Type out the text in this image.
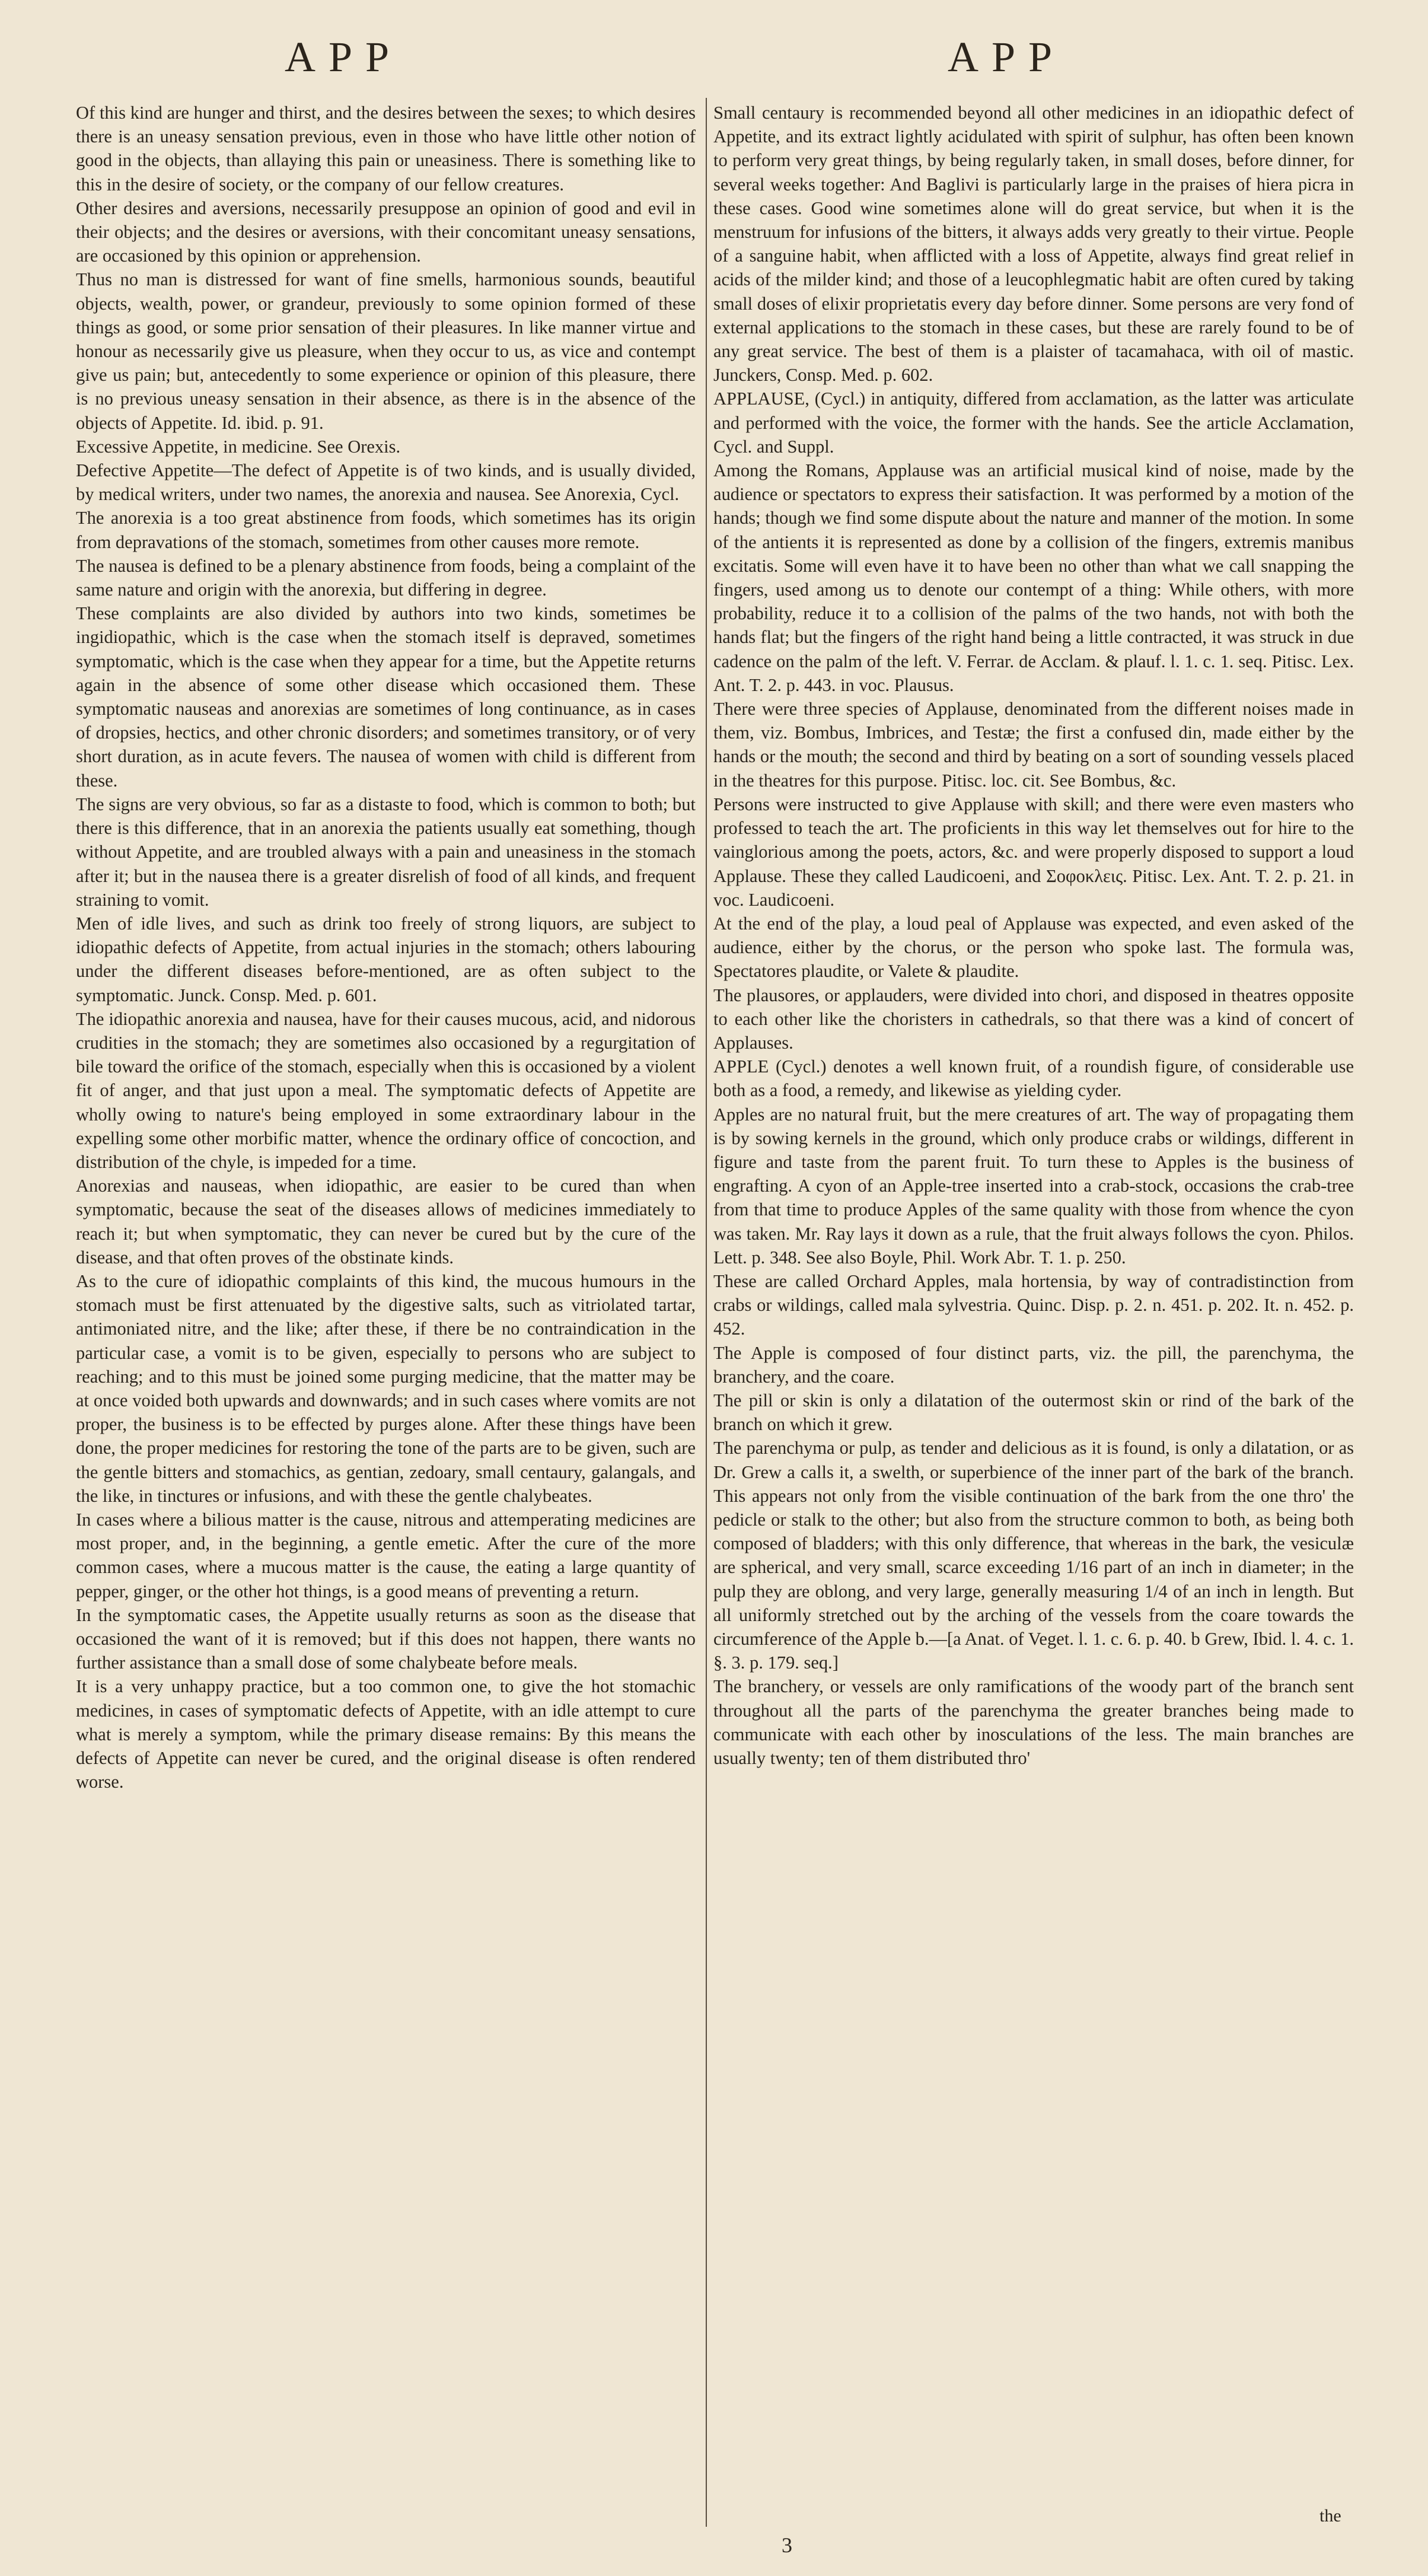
APP	APP

Of this kind are hunger and thirst, and the desires between the sexes; to which desires there is an uneasy sensation previous, even in those who have little other notion of good in the objects, than allaying this pain or uneasiness. There is something like to this in the desire of society, or the company of our fellow creatures.

Other desires and aversions, necessarily presuppose an opinion of good and evil in their objects; and the desires or aversions, with their concomitant uneasy sensations, are occasioned by this opinion or apprehension.

Thus no man is distressed for want of fine smells, harmonious sounds, beautiful objects, wealth, power, or grandeur, previously to some opinion formed of these things as good, or some prior sensation of their pleasures. In like manner virtue and honour as necessarily give us pleasure, when they occur to us, as vice and contempt give us pain; but, antecedently to some experience or opinion of this pleasure, there is no previous uneasy sensation in their absence, as there is in the absence of the objects of Appetite. Id. ibid. p. 91.

Excessive Appetite, in medicine. See Orexis.

Defective Appetite—The defect of Appetite is of two kinds, and is usually divided, by medical writers, under two names, the anorexia and nausea. See Anorexia, Cycl.

The anorexia is a too great abstinence from foods, which sometimes has its origin from depravations of the stomach, sometimes from other causes more remote.

The nausea is defined to be a plenary abstinence from foods, being a complaint of the same nature and origin with the anorexia, but differing in degree.

These complaints are also divided by authors into two kinds, sometimes be ingidiopathic, which is the case when the stomach itself is depraved, sometimes symptomatic, which is the case when they appear for a time, but the Appetite returns again in the absence of some other disease which occasioned them. These symptomatic nauseas and anorexias are sometimes of long continuance, as in cases of dropsies, hectics, and other chronic disorders; and sometimes transitory, or of very short duration, as in acute fevers. The nausea of women with child is different from these.

The signs are very obvious, so far as a distaste to food, which is common to both; but there is this difference, that in an anorexia the patients usually eat something, though without Appetite, and are troubled always with a pain and uneasiness in the stomach after it; but in the nausea there is a greater disrelish of food of all kinds, and frequent straining to vomit.

Men of idle lives, and such as drink too freely of strong liquors, are subject to idiopathic defects of Appetite, from actual injuries in the stomach; others labouring under the different diseases before-mentioned, are as often subject to the symptomatic. Junck. Consp. Med. p. 601.

The idiopathic anorexia and nausea, have for their causes mucous, acid, and nidorous crudities in the stomach; they are sometimes also occasioned by a regurgitation of bile toward the orifice of the stomach, especially when this is occasioned by a violent fit of anger, and that just upon a meal. The symptomatic defects of Appetite are wholly owing to nature's being employed in some extraordinary labour in the expelling some other morbific matter, whence the ordinary office of concoction, and distribution of the chyle, is impeded for a time.

Anorexias and nauseas, when idiopathic, are easier to be cured than when symptomatic, because the seat of the diseases allows of medicines immediately to reach it; but when symptomatic, they can never be cured but by the cure of the disease, and that often proves of the obstinate kinds.

As to the cure of idiopathic complaints of this kind, the mucous humours in the stomach must be first attenuated by the digestive salts, such as vitriolated tartar, antimoniated nitre, and the like; after these, if there be no contraindication in the particular case, a vomit is to be given, especially to persons who are subject to reaching; and to this must be joined some purging medicine, that the matter may be at once voided both upwards and downwards; and in such cases where vomits are not proper, the business is to be effected by purges alone. After these things have been done, the proper medicines for restoring the tone of the parts are to be given, such are the gentle bitters and stomachics, as gentian, zedoary, small centaury, galangals, and the like, in tinctures or infusions, and with these the gentle chalybeates.

In cases where a bilious matter is the cause, nitrous and attemperating medicines are most proper, and, in the beginning, a gentle emetic. After the cure of the more common cases, where a mucous matter is the cause, the eating a large quantity of pepper, ginger, or the other hot things, is a good means of preventing a return.

In the symptomatic cases, the Appetite usually returns as soon as the disease that occasioned the want of it is removed; but if this does not happen, there wants no further assistance than a small dose of some chalybeate before meals.

It is a very unhappy practice, but a too common one, to give the hot stomachic medicines, in cases of symptomatic defects of Appetite, with an idle attempt to cure what is merely a symptom, while the primary disease remains: By this means the defects of Appetite can never be cured, and the original disease is often rendered worse.

Small centaury is recommended beyond all other medicines in an idiopathic defect of Appetite, and its extract lightly acidulated with spirit of sulphur, has often been known to perform very great things, by being regularly taken, in small doses, before dinner, for several weeks together: And Baglivi is particularly large in the praises of hiera picra in these cases. Good wine sometimes alone will do great service, but when it is the menstruum for infusions of the bitters, it always adds very greatly to their virtue. People of a sanguine habit, when afflicted with a loss of Appetite, always find great relief in acids of the milder kind; and those of a leucophlegmatic habit are often cured by taking small doses of elixir proprietatis every day before dinner. Some persons are very fond of external applications to the stomach in these cases, but these are rarely found to be of any great service. The best of them is a plaister of tacamahaca, with oil of mastic. Junckers, Consp. Med. p. 602.

APPLAUSE, (Cycl.) in antiquity, differed from acclamation, as the latter was articulate and performed with the voice, the former with the hands. See the article Acclamation, Cycl. and Suppl.

Among the Romans, Applause was an artificial musical kind of noise, made by the audience or spectators to express their satisfaction. It was performed by a motion of the hands; though we find some dispute about the nature and manner of the motion. In some of the antients it is represented as done by a collision of the fingers, extremis manibus excitatis. Some will even have it to have been no other than what we call snapping the fingers, used among us to denote our contempt of a thing: While others, with more probability, reduce it to a collision of the palms of the two hands, not with both the hands flat; but the fingers of the right hand being a little contracted, it was struck in due cadence on the palm of the left. V. Ferrar. de Acclam. & plauf. l. 1. c. 1. seq. Pitisc. Lex. Ant. T. 2. p. 443. in voc. Plausus.

There were three species of Applause, denominated from the different noises made in them, viz. Bombus, Imbrices, and Testæ; the first a confused din, made either by the hands or the mouth; the second and third by beating on a sort of sounding vessels placed in the theatres for this purpose. Pitisc. loc. cit. See Bombus, &c.

Persons were instructed to give Applause with skill; and there were even masters who professed to teach the art. The proficients in this way let themselves out for hire to the vainglorious among the poets, actors, &c. and were properly disposed to support a loud Applause. These they called Laudicoeni, and Σοφοκλεις. Pitisc. Lex. Ant. T. 2. p. 21. in voc. Laudicoeni.

At the end of the play, a loud peal of Applause was expected, and even asked of the audience, either by the chorus, or the person who spoke last. The formula was, Spectatores plaudite, or Valete & plaudite.

The plausores, or applauders, were divided into chori, and disposed in theatres opposite to each other like the choristers in cathedrals, so that there was a kind of concert of Applauses.

APPLE (Cycl.) denotes a well known fruit, of a roundish figure, of considerable use both as a food, a remedy, and likewise as yielding cyder.

Apples are no natural fruit, but the mere creatures of art. The way of propagating them is by sowing kernels in the ground, which only produce crabs or wildings, different in figure and taste from the parent fruit. To turn these to Apples is the business of engrafting. A cyon of an Apple-tree inserted into a crab-stock, occasions the crab-tree from that time to produce Apples of the same quality with those from whence the cyon was taken. Mr. Ray lays it down as a rule, that the fruit always follows the cyon. Philos. Lett. p. 348. See also Boyle, Phil. Work Abr. T. 1. p. 250.

These are called Orchard Apples, mala hortensia, by way of contradistinction from crabs or wildings, called mala sylvestria. Quinc. Disp. p. 2. n. 451. p. 202. It. n. 452. p. 452.

The Apple is composed of four distinct parts, viz. the pill, the parenchyma, the branchery, and the coare.

The pill or skin is only a dilatation of the outermost skin or rind of the bark of the branch on which it grew.

The parenchyma or pulp, as tender and delicious as it is found, is only a dilatation, or as Dr. Grew a calls it, a swelth, or superbience of the inner part of the bark of the branch. This appears not only from the visible continuation of the bark from the one thro' the pedicle or stalk to the other; but also from the structure common to both, as being both composed of bladders; with this only difference, that whereas in the bark, the vesiculæ are spherical, and very small, scarce exceeding 1/16 part of an inch in diameter; in the pulp they are oblong, and very large, generally measuring 1/4 of an inch in length. But all uniformly stretched out by the arching of the vessels from the coare towards the circumference of the Apple b.—[a Anat. of Veget. l. 1. c. 6. p. 40. b Grew, Ibid. l. 4. c. 1. §. 3. p. 179. seq.]

The branchery, or vessels are only ramifications of the woody part of the branch sent throughout all the parts of the parenchyma the greater branches being made to communicate with each other by inosculations of the less. The main branches are usually twenty; ten of them distributed thro'

3
the
